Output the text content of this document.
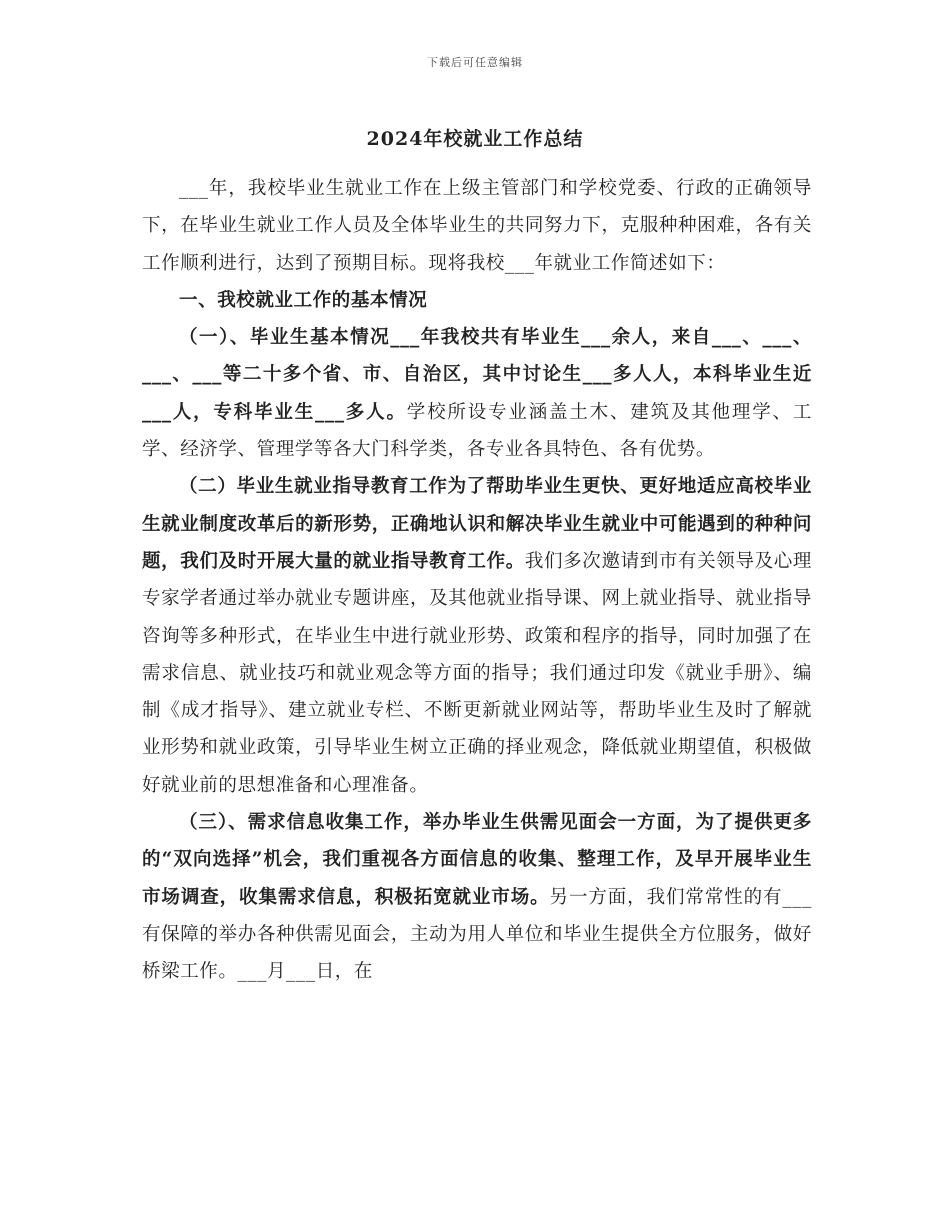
下载后可任意编辑
2024年校就业工作总结

___年，我校毕业生就业工作在上级主管部门和学校党委、行政的正确领导下，在毕业生就业工作人员及全体毕业生的共同努力下，克服种种困难，各有关工作顺利进行，达到了预期目标。现将我校___年就业工作简述如下：

一、我校就业工作的基本情况

（一）、毕业生基本情况___年我校共有毕业生___余人，来自___、___、___、___等二十多个省、市、自治区，其中讨论生___多人人，本科毕业生近___人，专科毕业生___多人。学校所设专业涵盖土木、建筑及其他理学、工学、经济学、管理学等各大门科学类，各专业各具特色、各有优势。

（二）毕业生就业指导教育工作为了帮助毕业生更快、更好地适应高校毕业生就业制度改革后的新形势，正确地认识和解决毕业生就业中可能遇到的种种问题，我们及时开展大量的就业指导教育工作。我们多次邀请到市有关领导及心理专家学者通过举办就业专题讲座，及其他就业指导课、网上就业指导、就业指导咨询等多种形式，在毕业生中进行就业形势、政策和程序的指导，同时加强了在需求信息、就业技巧和就业观念等方面的指导；我们通过印发《就业手册》、编制《成才指导》、建立就业专栏、不断更新就业网站等，帮助毕业生及时了解就业形势和就业政策，引导毕业生树立正确的择业观念，降低就业期望值，积极做好就业前的思想准备和心理准备。

（三）、需求信息收集工作，举办毕业生供需见面会一方面，为了提供更多的“双向选择”机会，我们重视各方面信息的收集、整理工作，及早开展毕业生市场调查，收集需求信息，积极拓宽就业市场。另一方面，我们常常性的有___有保障的举办各种供需见面会，主动为用人单位和毕业生提供全方位服务，做好桥梁工作。___月___日，在
